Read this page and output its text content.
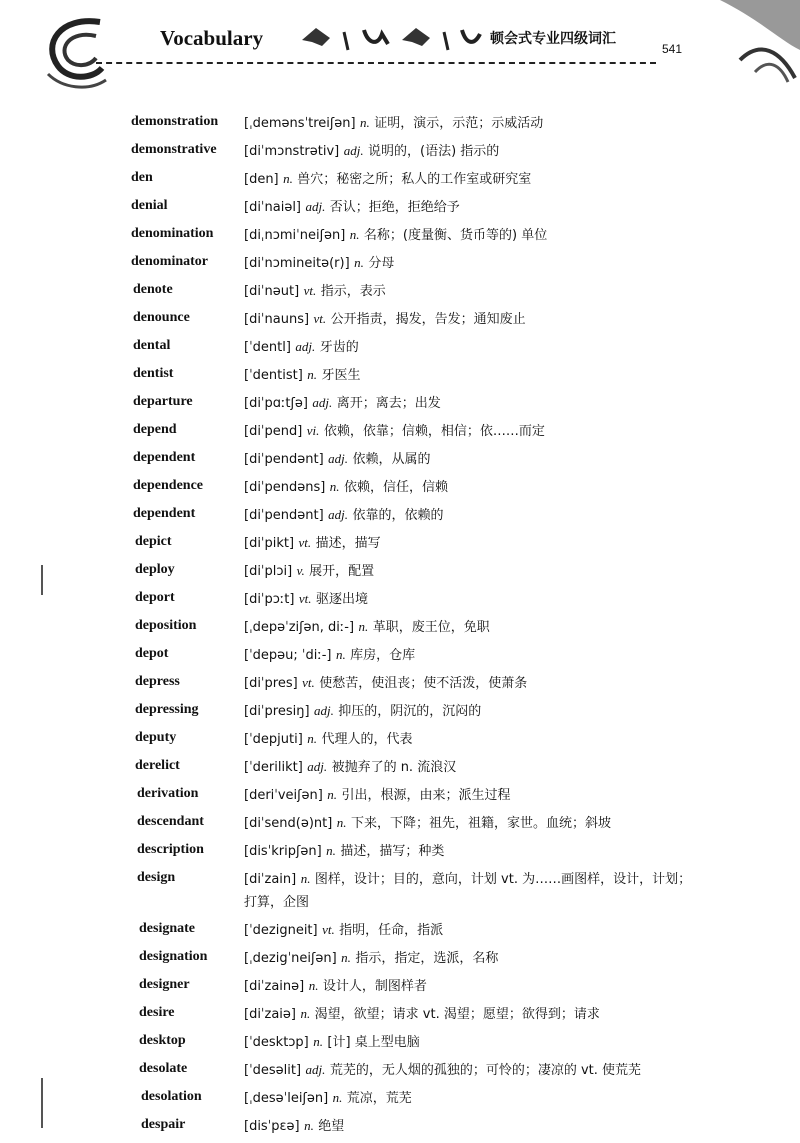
Vocabulary	顿会式专业四级词汇
541
demonstration [ˌdemənsˈtreiʃən] n. 证明，演示，示范；示威活动
demonstrative [diˈmɔnstrətiv] adj. 说明的，(语法) 指示的
den	[den] n. 兽穴；秘密之所；私人的工作室或研究室
denial	[diˈnaiəl] adj. 否认；拒绝，拒绝给予
denomination [diˌnɔmiˈneiʃən] n. 名称；(度量衡、货币等的) 单位
denominator	[diˈnɔmineitə(r)] n. 分母
denote	[diˈnəut] vt. 指示，表示
denounce	[diˈnauns] vt. 公开指责，揭发，告发；通知废止
dental	[ˈdentl] adj. 牙齿的
dentist	[ˈdentist] n. 牙医生
departure	[diˈpɑːtʃə] adj. 离开；离去；出发
depend	[diˈpend] vi. 依赖，依靠；信赖，相信；依……而定
dependent	[diˈpendənt] adj. 依赖，从属的
dependence	[diˈpendəns] n. 依赖，信任，信赖
dependent	[diˈpendənt] adj. 依靠的，依赖的
depict	[diˈpikt] vt. 描述，描写
deploy	[diˈplɔi] v. 展开，配置
deport	[diˈpɔːt] vt. 驱逐出境
deposition	[ˌdepəˈziʃən, diː-] n. 革职，废王位，免职
depot	[ˈdepəu; ˈdiː-] n. 库房，仓库
depress	[diˈpres] vt. 使愁苦，使沮丧；使不活泼，使萧条
depressing	[diˈpresiŋ] adj. 抑压的，阴沉的，沉闷的
deputy	[ˈdepjuti] n. 代理人的，代表
derelict	[ˈderilikt] adj. 被抛弃了的 n. 流浪汉
derivation	[deriˈveiʃən] n. 引出，根源，由来；派生过程
descendant	[diˈsend(ə)nt] n. 下来，下降；祖先，祖籍，家世。血统；斜坡
description	[disˈkripʃən] n. 描述，描写；种类
design	[diˈzain] n. 图样，设计；目的，意向，计划 vt. 为……画图样，设计，计划；打算，企图
designate	[ˈdezigneit] vt. 指明，任命，指派
designation	[ˌdezigˈneiʃən] n. 指示，指定，选派，名称
designer	[diˈzainə] n. 设计人，制图样者
desire	[diˈzaiə] n. 渴望，欲望；请求 vt. 渴望；愿望；欲得到；请求
desktop	[ˈdesktɔp] n. [计] 桌上型电脑
desolate	[ˈdesəlit] adj. 荒芜的，无人烟的孤独的；可怜的；凄凉的 vt. 使荒芜
desolation	[ˌdesəˈleiʃən] n. 荒凉，荒芜
despair	[disˈpɛə] n. 绝望
